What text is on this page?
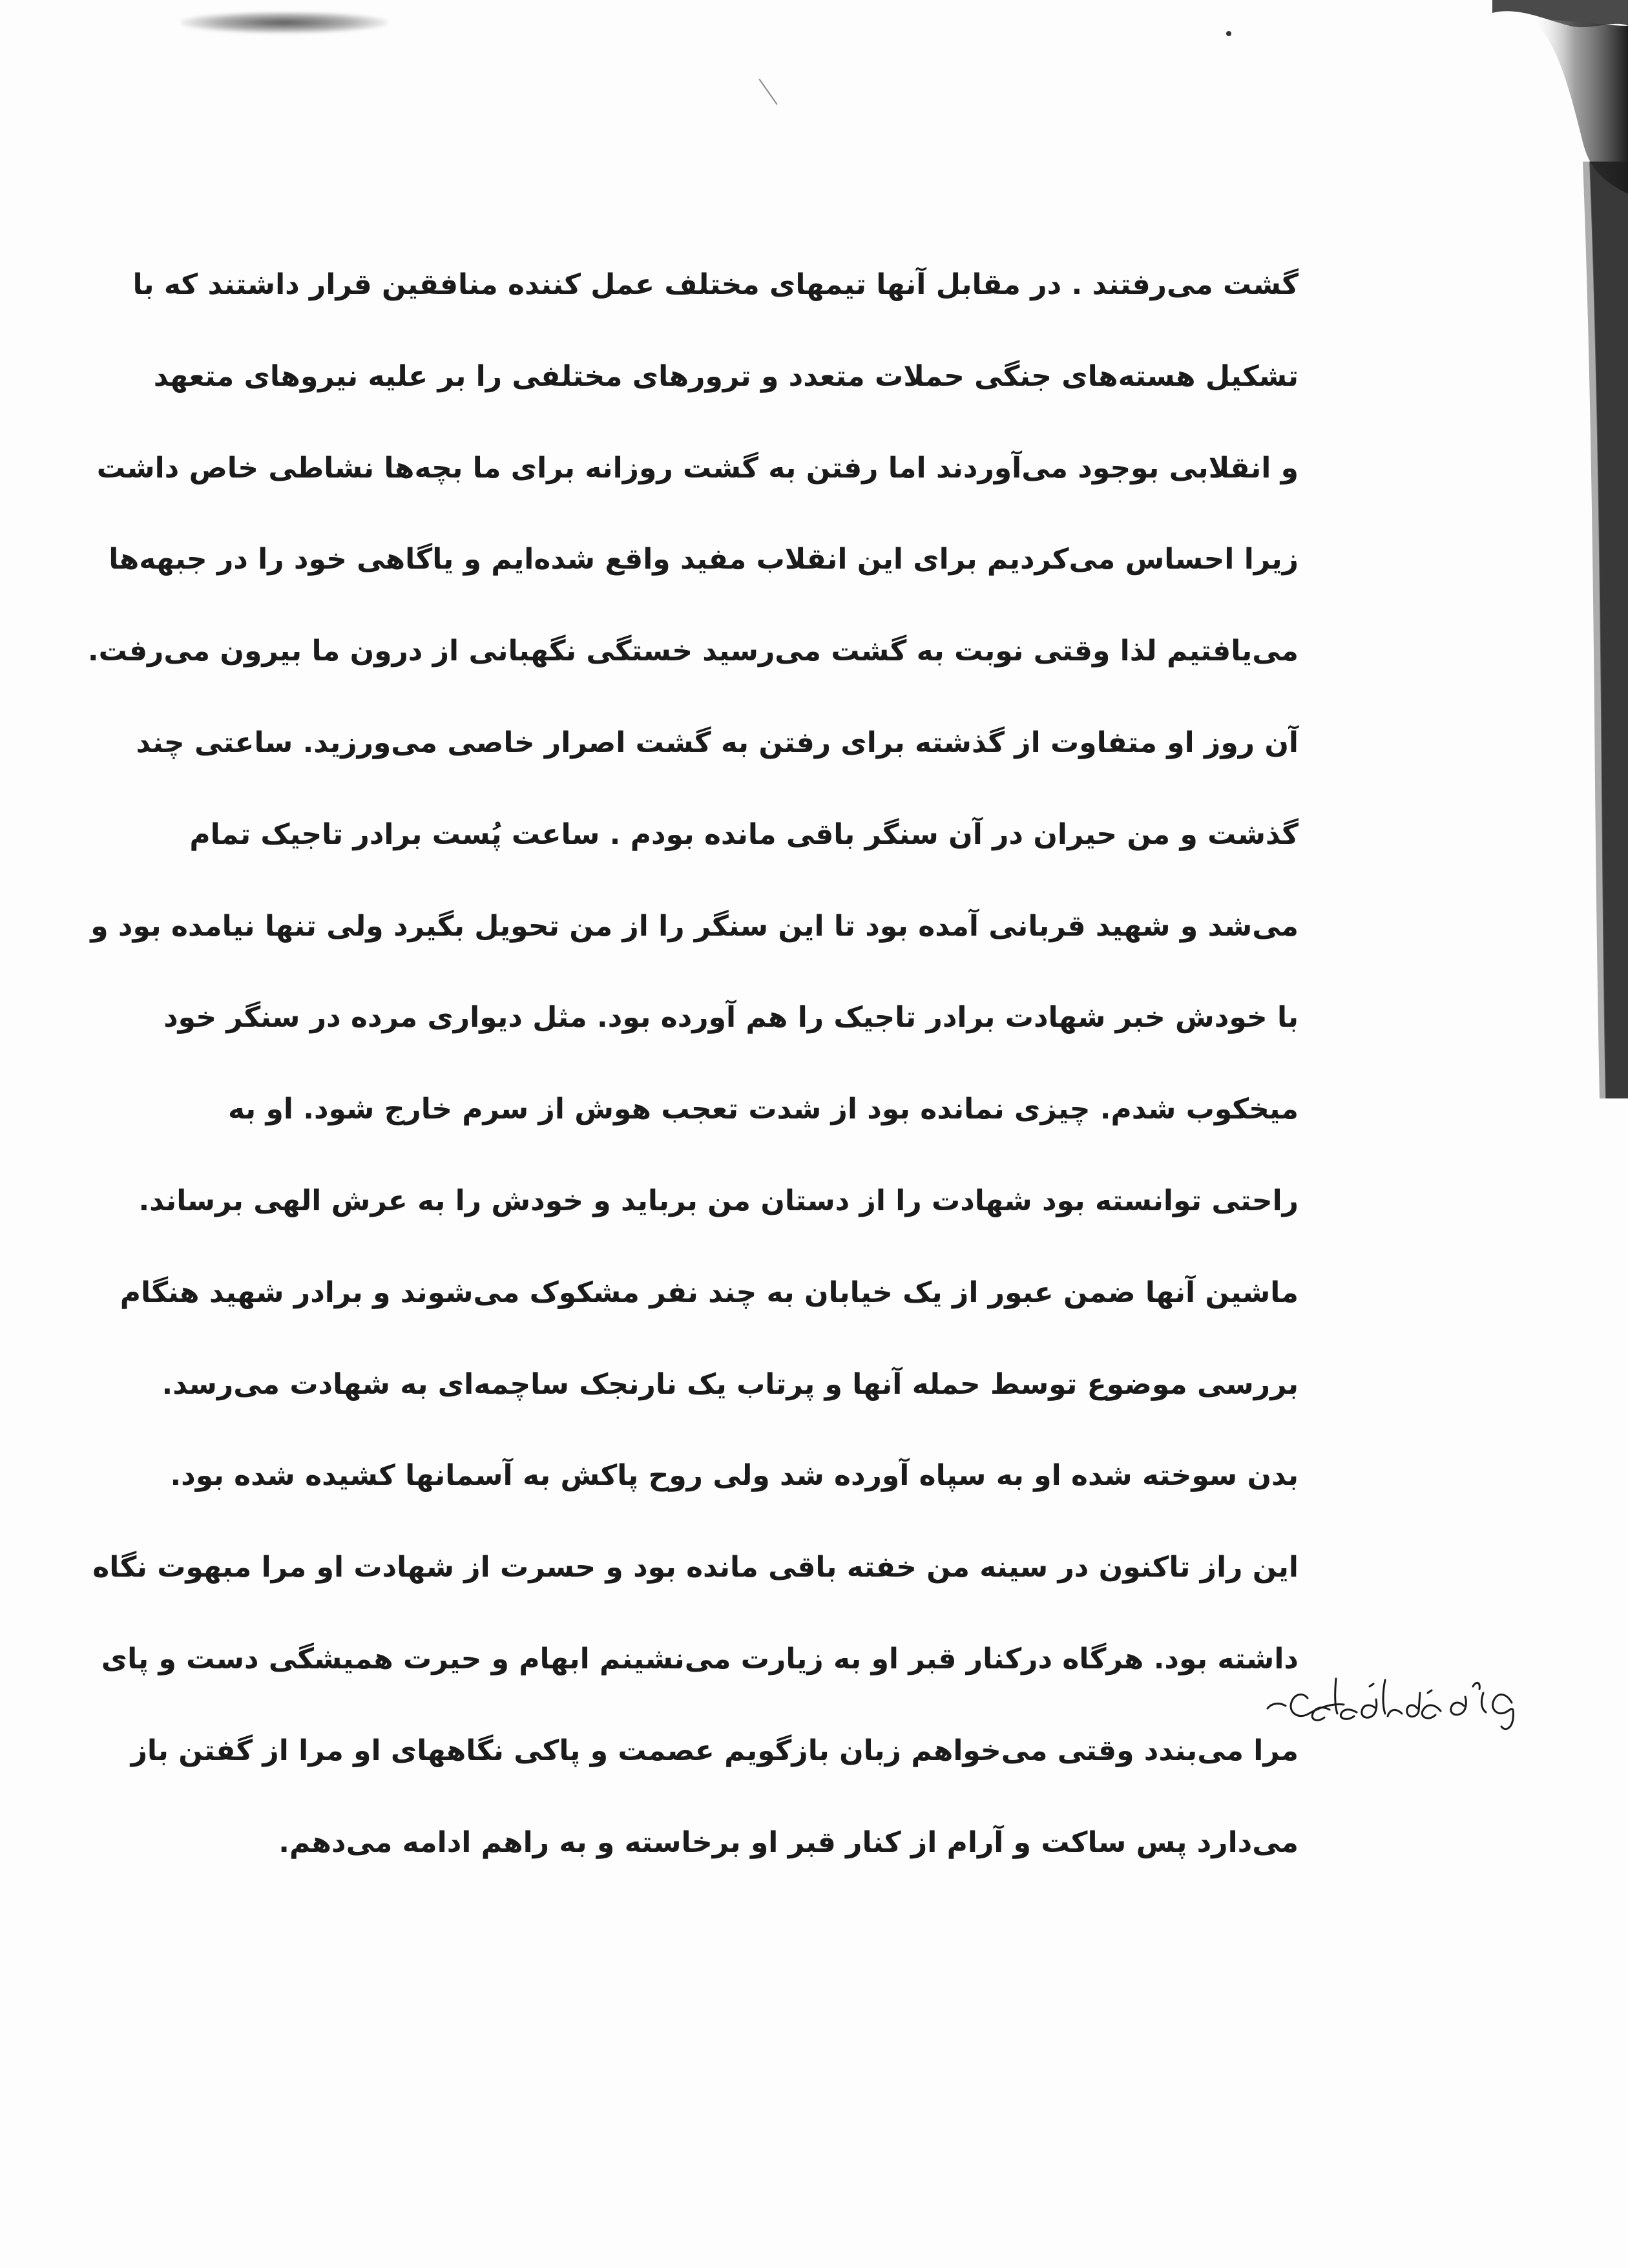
گشت می‌رفتند . در مقابل آنها تیمهای مختلف عمل کننده منافقین قرار داشتند که با
تشکیل هسته‌های جنگی حملات متعدد و ترورهای مختلفی را بر علیه نیروهای متعهد
و انقلابی بوجود می‌آوردند اما رفتن به گشت روزانه برای ما بچه‌ها نشاطی خاص داشت
زیرا احساس می‌کردیم برای این انقلاب مفید واقع شده‌ایم و یاگاهی خود را در جبهه‌ها
می‌یافتیم لذا وقتی نوبت به گشت می‌رسید خستگی نگهبانی از درون ما بیرون می‌رفت.
آن روز او متفاوت از گذشته برای رفتن به گشت اصرار خاصی می‌ورزید. ساعتی چند
گذشت و من حیران در آن سنگر باقی مانده بودم . ساعت پُست برادر تاجیک تمام
می‌شد و شهید قربانی آمده بود تا این سنگر را از من تحویل بگیرد ولی تنها نیامده بود و
با خودش خبر شهادت برادر تاجیک را هم آورده بود. مثل دیواری مرده در سنگر خود
میخکوب شدم. چیزی نمانده بود از شدت تعجب هوش از سرم خارج شود. او به
راحتی توانسته بود شهادت را از دستان من برباید و خودش را به عرش الهی برساند.
ماشین آنها ضمن عبور از یک خیابان به چند نفر مشکوک می‌شوند و برادر شهید هنگام
بررسی موضوع توسط حمله آنها و پرتاب یک نارنجک ساچمه‌ای به شهادت می‌رسد.
بدن سوخته شده او به سپاه آورده شد ولی روح پاکش به آسمانها کشیده شده بود.
این راز تاکنون در سینه من خفته باقی مانده بود و حسرت از شهادت او مرا مبهوت نگاه
داشته بود. هرگاه درکنار قبر او به زیارت می‌نشینم ابهام و حیرت همیشگی دست و پای
مرا می‌بندد وقتی می‌خواهم زبان بازگویم عصمت و پاکی نگاههای او مرا از گفتن باز
می‌دارد پس ساکت و آرام از کنار قبر او برخاسته و به راهم ادامه می‌دهم.
